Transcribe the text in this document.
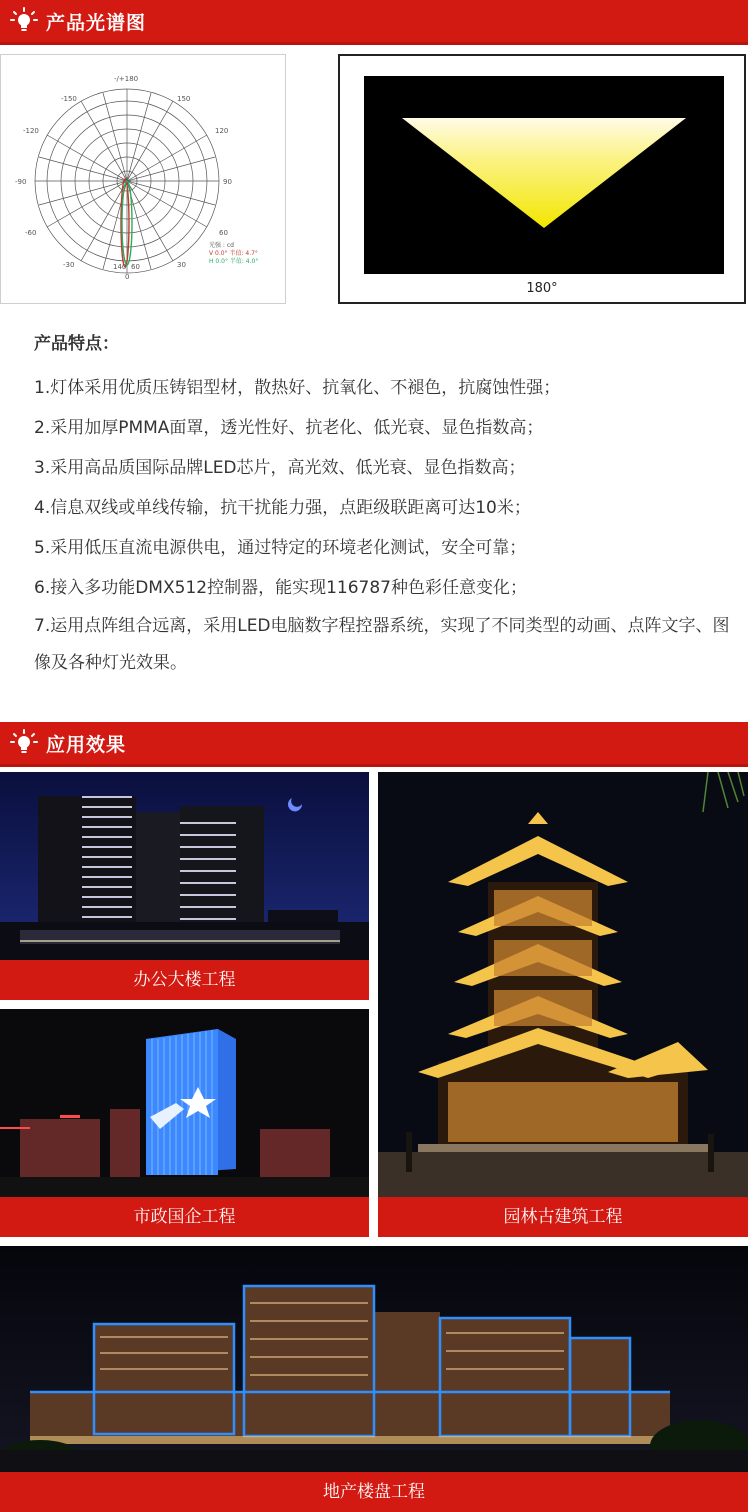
产品光谱图
-/+180
-150	150
-120	120
-90	90
-60	60
-30	30
0
140 60
光强 : cd
V 0.0° 半值: 4.7°
H 0.0° 半值: 4.0°
180°
产品特点：
1.灯体采用优质压铸铝型材，散热好、抗氧化、不褪色，抗腐蚀性强；
2.采用加厚PMMA面罩，透光性好、抗老化、低光衰、显色指数高；
3.采用高品质国际品牌LED芯片，高光效、低光衰、显色指数高；
4.信息双线或单线传输，抗干扰能力强，点距级联距离可达10米；
5.采用低压直流电源供电，通过特定的环境老化测试，安全可靠；
6.接入多功能DMX512控制器，能实现116787种色彩任意变化；
7.运用点阵组合远离，采用LED电脑数字程控器系统，实现了不同类型的动画、点阵文字、图像及各种灯光效果。
应用效果
办公大楼工程
市政国企工程	园林古建筑工程
地产楼盘工程
